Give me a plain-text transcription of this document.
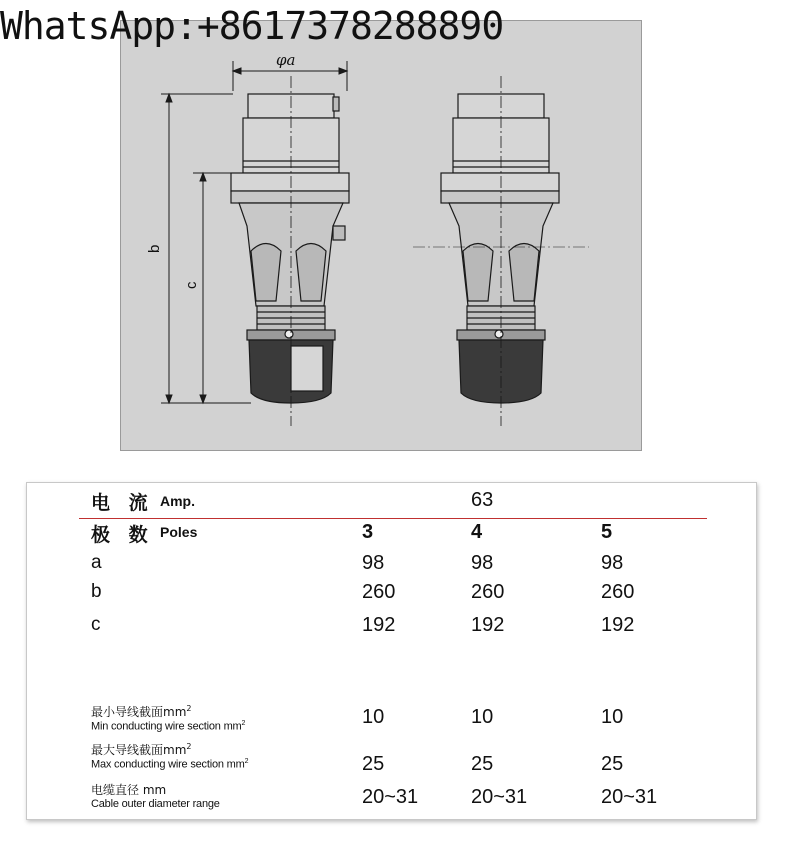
WhatsApp:+8617378288890
φa
b
c
电 流 Amp.	63
极 数 Poles	3	4	5
a	98	98	98
b	260	260	260
c	192	192	192
最小导线截面$mm^2$
Min conducting wire section $mm^2$	10	10	10
最大导线截面$mm^2$
Max conducting wire section $mm^2$	25	25	25
电缆直径 mm
Cable outer diameter range	20~31	20~31	20~31
